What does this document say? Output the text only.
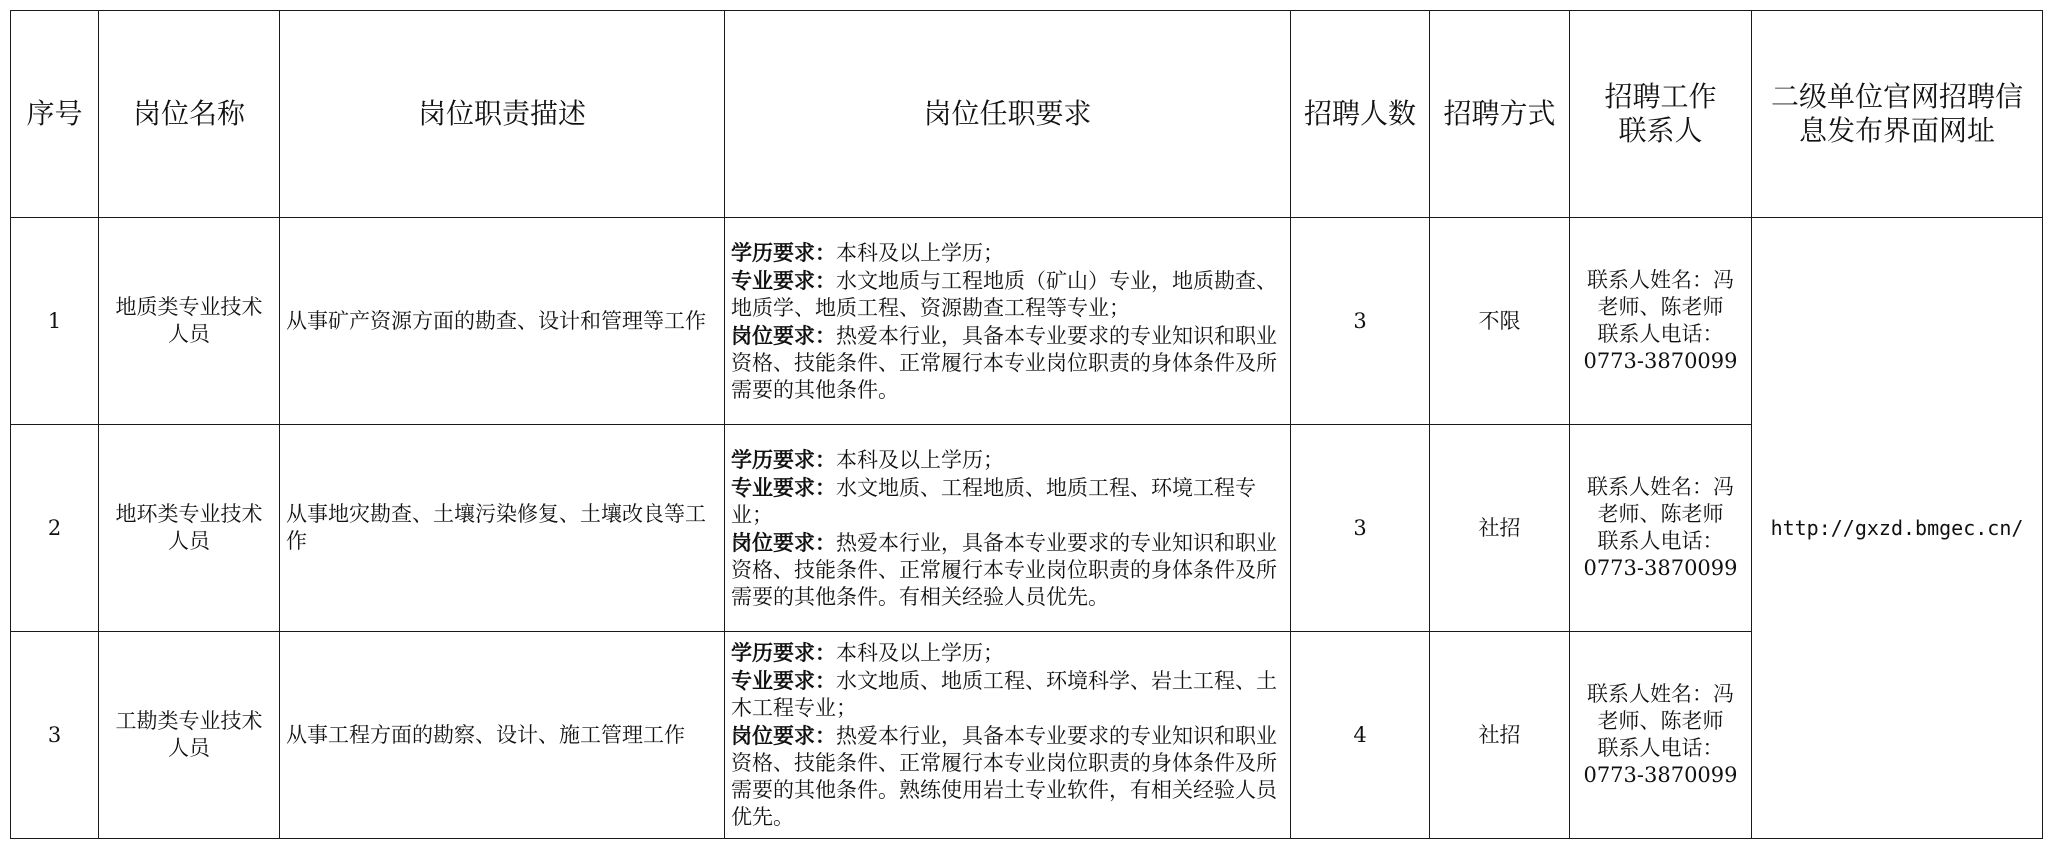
序号	岗位名称	岗位职责描述	岗位任职要求	招聘人数	招聘方式	招聘工作联系人	二级单位官网招聘信息发布界面网址
1	地质类专业技术人员	从事矿产资源方面的勘查、设计和管理等工作	学历要求：本科及以上学历；
专业要求：水文地质与工程地质（矿山）专业，地质勘查、地质学、地质工程、资源勘查工程等专业；
岗位要求：热爱本行业，具备本专业要求的专业知识和职业资格、技能条件、正常履行本专业岗位职责的身体条件及所需要的其他条件。	3	不限	联系人姓名：冯老师、陈老师
联系人电话：
0773-3870099	http://gxzd.bmgec.cn/
2	地环类专业技术人员	从事地灾勘查、土壤污染修复、土壤改良等工作	学历要求：本科及以上学历；
专业要求：水文地质、工程地质、地质工程、环境工程专业；
岗位要求：热爱本行业，具备本专业要求的专业知识和职业资格、技能条件、正常履行本专业岗位职责的身体条件及所需要的其他条件。有相关经验人员优先。	3	社招	联系人姓名：冯老师、陈老师
联系人电话：
0773-3870099	

3	工勘类专业技术人员	从事工程方面的勘察、设计、施工管理工作	学历要求：本科及以上学历；
专业要求：水文地质、地质工程、环境科学、岩土工程、土木工程专业；
岗位要求：热爱本行业，具备本专业要求的专业知识和职业资格、技能条件、正常履行本专业岗位职责的身体条件及所需要的其他条件。熟练使用岩土专业软件，有相关经验人员优先。	4	社招	联系人姓名：冯老师、陈老师
联系人电话：
0773-3870099	
